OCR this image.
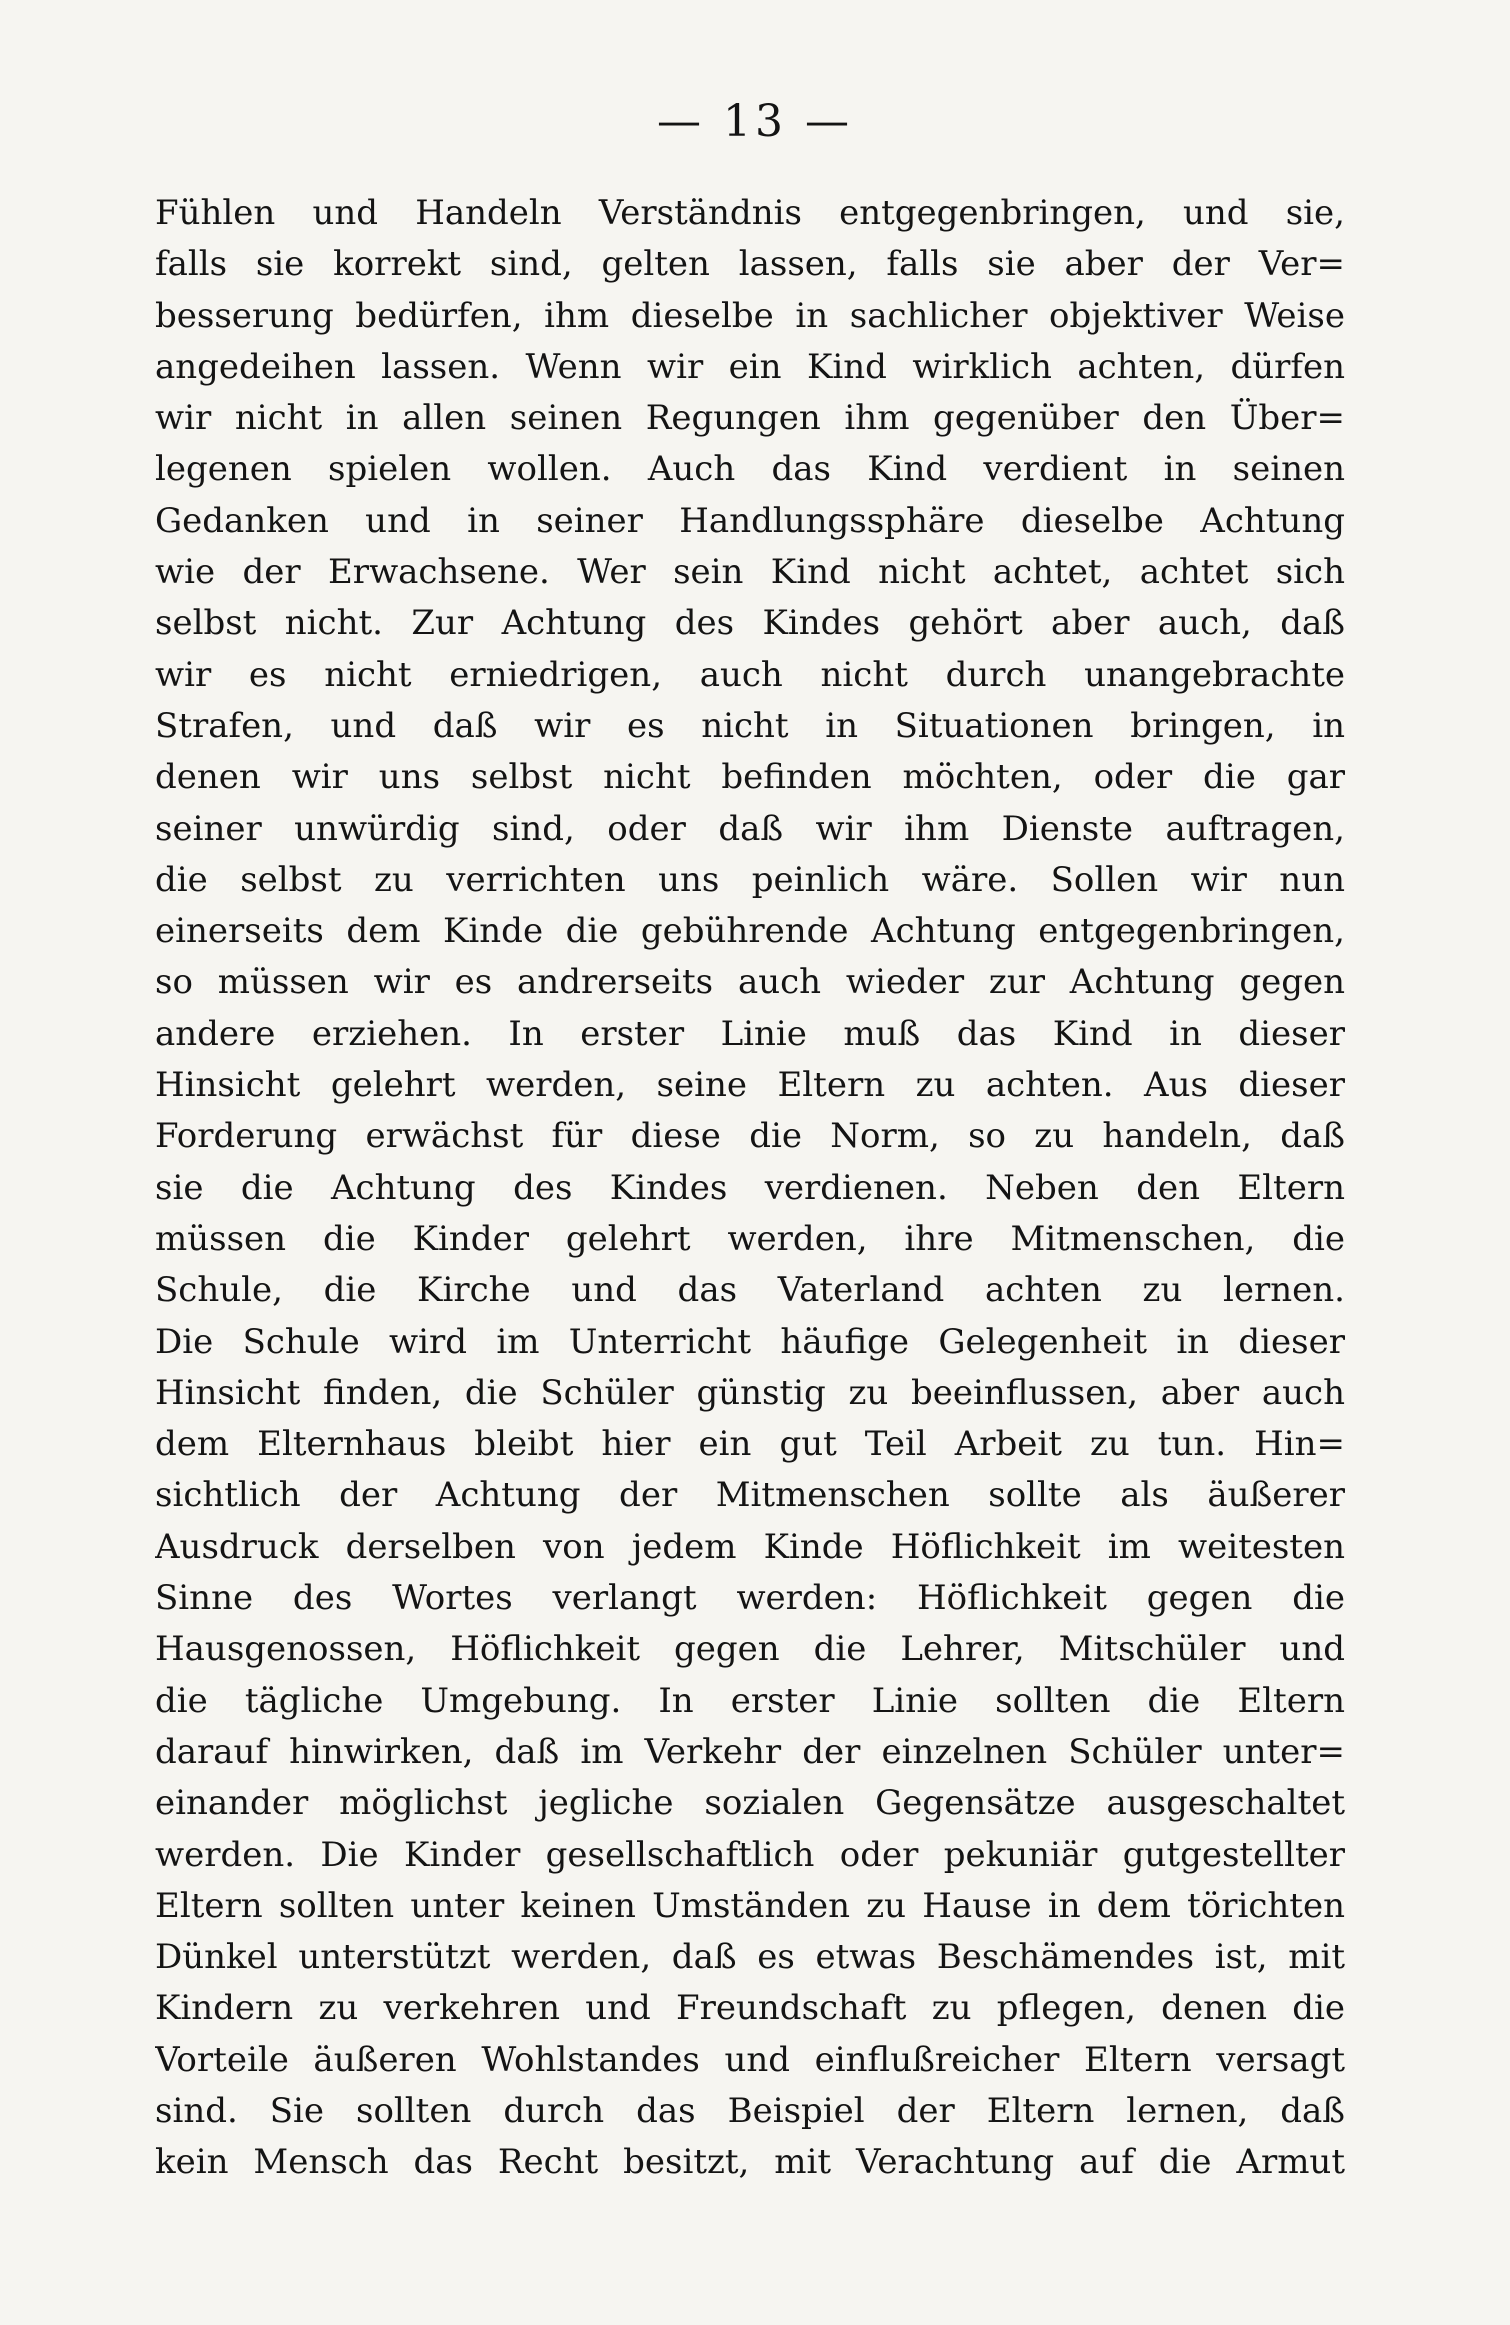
— 13 —
Fühlen und Handeln Verständnis entgegenbringen, und sie,
falls sie korrekt sind, gelten lassen, falls sie aber der Ver=
besserung bedürfen, ihm dieselbe in sachlicher objektiver Weise
angedeihen lassen. Wenn wir ein Kind wirklich achten, dürfen
wir nicht in allen seinen Regungen ihm gegenüber den Über=
legenen spielen wollen. Auch das Kind verdient in seinen
Gedanken und in seiner Handlungssphäre dieselbe Achtung
wie der Erwachsene. Wer sein Kind nicht achtet, achtet sich
selbst nicht. Zur Achtung des Kindes gehört aber auch, daß
wir es nicht erniedrigen, auch nicht durch unangebrachte
Strafen, und daß wir es nicht in Situationen bringen, in
denen wir uns selbst nicht befinden möchten, oder die gar
seiner unwürdig sind, oder daß wir ihm Dienste auftragen,
die selbst zu verrichten uns peinlich wäre. Sollen wir nun
einerseits dem Kinde die gebührende Achtung entgegenbringen,
so müssen wir es andrerseits auch wieder zur Achtung gegen
andere erziehen. In erster Linie muß das Kind in dieser
Hinsicht gelehrt werden, seine Eltern zu achten. Aus dieser
Forderung erwächst für diese die Norm, so zu handeln, daß
sie die Achtung des Kindes verdienen. Neben den Eltern
müssen die Kinder gelehrt werden, ihre Mitmenschen, die
Schule, die Kirche und das Vaterland achten zu lernen.
Die Schule wird im Unterricht häufige Gelegenheit in dieser
Hinsicht finden, die Schüler günstig zu beeinflussen, aber auch
dem Elternhaus bleibt hier ein gut Teil Arbeit zu tun. Hin=
sichtlich der Achtung der Mitmenschen sollte als äußerer
Ausdruck derselben von jedem Kinde Höflichkeit im weitesten
Sinne des Wortes verlangt werden: Höflichkeit gegen die
Hausgenossen, Höflichkeit gegen die Lehrer, Mitschüler und
die tägliche Umgebung. In erster Linie sollten die Eltern
darauf hinwirken, daß im Verkehr der einzelnen Schüler unter=
einander möglichst jegliche sozialen Gegensätze ausgeschaltet
werden. Die Kinder gesellschaftlich oder pekuniär gutgestellter
Eltern sollten unter keinen Umständen zu Hause in dem törichten
Dünkel unterstützt werden, daß es etwas Beschämendes ist, mit
Kindern zu verkehren und Freundschaft zu pflegen, denen die
Vorteile äußeren Wohlstandes und einflußreicher Eltern versagt
sind. Sie sollten durch das Beispiel der Eltern lernen, daß
kein Mensch das Recht besitzt, mit Verachtung auf die Armut
